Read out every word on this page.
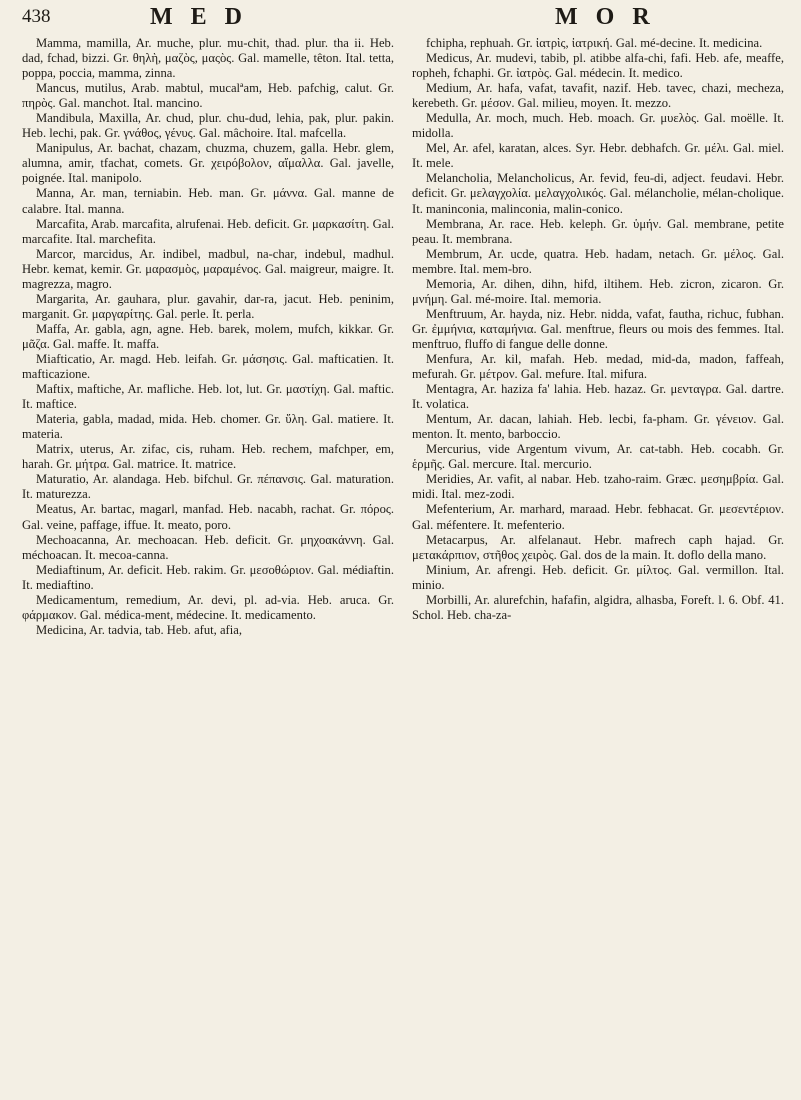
438	M E D	M O R

Mamma, mamilla, Ar. muche, plur. mu-chit, thad. plur. tha ii. Heb. dad, fchad, bizzi. Gr. θηλὴ, μαζὸς, μαςὸς. Gal. mamelle, têton. Ital. tetta, poppa, poccia, mamma, zinna.

Mancus, mutilus, Arab. mabtul, mucalªam, Heb. pafchig, calut. Gr. πηρὸς. Gal. manchot. Ital. mancino.

Mandibula, Maxilla, Ar. chud, plur. chu-dud, lehia, pak, plur. pakin. Heb. lechi, pak. Gr. γνάθος, γένυς. Gal. mâchoire. Ital. mafcella.

Manipulus, Ar. bachat, chazam, chuzma, chuzem, galla. Hebr. glem, alumna, amir, tfachat, comets. Gr. χειρόβολον, αἴμαλλα. Gal. javelle, poignée. Ital. manipolo.

Manna, Ar. man, terniabin. Heb. man. Gr. μάννα. Gal. manne de calabre. Ital. manna.

Marcafita, Arab. marcafita, alrufenai. Heb. deficit. Gr. μαρκασίτη. Gal. marcafite. Ital. marchefita.

Marcor, marcidus, Ar. indibel, madbul, na-char, indebul, madhul. Hebr. kemat, kemir. Gr. μαρασμὸς, μαραμένος. Gal. maigreur, maigre. It. magrezza, magro.

Margarita, Ar. gauhara, plur. gavahir, dar-ra, jacut. Heb. peninim, marganit. Gr. μαργαρίτης. Gal. perle. It. perla.

Maffa, Ar. gabla, agn, agne. Heb. barek, molem, mufch, kikkar. Gr. μᾶζα. Gal. maffe. It. maffa.

Miafticatio, Ar. magd. Heb. leifah. Gr. μάσησις. Gal. mafticatien. It. mafticazione.

Maftix, maftiche, Ar. mafliche. Heb. lot, lut. Gr. μαστίχη. Gal. maftic. It. maftice.

Materia, gabla, madad, mida. Heb. chomer. Gr. ὕλη. Gal. matiere. It. materia.

Matrix, uterus, Ar. zifac, cis, ruham. Heb. rechem, mafchper, em, harah. Gr. μήτρα. Gal. matrice. It. matrice.

Maturatio, Ar. alandaga. Heb. bifchul. Gr. πέπανσις. Gal. maturation. It. maturezza.

Meatus, Ar. bartac, magarl, manfad. Heb. nacabh, rachat. Gr. πόρος. Gal. veine, paffage, iffue. It. meato, poro.

Mechoacanna, Ar. mechoacan. Heb. deficit. Gr. μηχοακάννη. Gal. méchoacan. It. mecoa-canna.

Mediaftinum, Ar. deficit. Heb. rakim. Gr. μεσοθώριον. Gal. médiaftin. It. mediaftino.

Medicamentum, remedium, Ar. devi, pl. ad-via. Heb. aruca. Gr. φάρμακον. Gal. médica-ment, médecine. It. medicamento.

Medicina, Ar. tadvia, tab. Heb. afut, afia,

fchipha, rephuah. Gr. ἰατρὶς, ἰατρική. Gal. mé-decine. It. medicina.

Medicus, Ar. mudevi, tabib, pl. atibbe alfa-chi, fafi. Heb. afe, meaffe, ropheh, fchaphi. Gr. ἰατρὸς. Gal. médecin. It. medico.

Medium, Ar. hafa, vafat, tavafit, nazif. Heb. tavec, chazi, mecheza, kerebeth. Gr. μέσον. Gal. milieu, moyen. It. mezzo.

Medulla, Ar. moch, much. Heb. moach. Gr. μυελὸς. Gal. moëlle. It. midolla.

Mel, Ar. afel, karatan, alces. Syr. Hebr. debhafch. Gr. μέλι. Gal. miel. It. mele.

Melancholia, Melancholicus, Ar. fevid, feu-di, adject. feudavi. Hebr. deficit. Gr. μελαγχολία. μελαγχολικός. Gal. mélancholie, mélan-cholique. It. maninconia, malinconia, malin-conico.

Membrana, Ar. race. Heb. keleph. Gr. ὑμήν. Gal. membrane, petite peau. It. membrana.

Membrum, Ar. ucde, quatra. Heb. hadam, netach. Gr. μέλος. Gal. membre. Ital. mem-bro.

Memoria, Ar. dihen, dihn, hifd, iltihem. Heb. zicron, zicaron. Gr. μνήμη. Gal. mé-moire. Ital. memoria.

Menftruum, Ar. hayda, niz. Hebr. nidda, vafat, fautha, richuc, fubhan. Gr. ἐμμήνια, καταμήνια. Gal. menftrue, fleurs ou mois des femmes. Ital. menftruo, fluffo di fangue delle donne.

Menfura, Ar. kil, mafah. Heb. medad, mid-da, madon, faffeah, mefurah. Gr. μέτρον. Gal. mefure. Ital. mifura.

Mentagra, Ar. haziza fa' lahia. Heb. hazaz. Gr. μενταγρα. Gal. dartre. It. volatica.

Mentum, Ar. dacan, lahiah. Heb. lecbi, fa-pham. Gr. γένειον. Gal. menton. It. mento, barboccio.

Mercurius, vide Argentum vivum, Ar. cat-tabh. Heb. cocabh. Gr. ἑρμῆς. Gal. mercure. Ital. mercurio.

Meridies, Ar. vafit, al nabar. Heb. tzaho-raim. Græc. μεσημβρία. Gal. midi. Ital. mez-zodi.

Mefenterium, Ar. marhard, maraad. Hebr. febhacat. Gr. μεσεντέριον. Gal. méfentere. It. mefenterio.

Metacarpus, Ar. alfelanaut. Hebr. mafrech caph hajad. Gr. μετακάρπιον, στῆθος χειρὸς. Gal. dos de la main. It. doflo della mano.

Minium, Ar. afrengi. Heb. deficit. Gr. μίλτος. Gal. vermillon. Ital. minio.

Morbilli, Ar. alurefchin, hafafin, algidra, alhasba, Foreft. l. 6. Obf. 41. Schol. Heb. cha-za-
